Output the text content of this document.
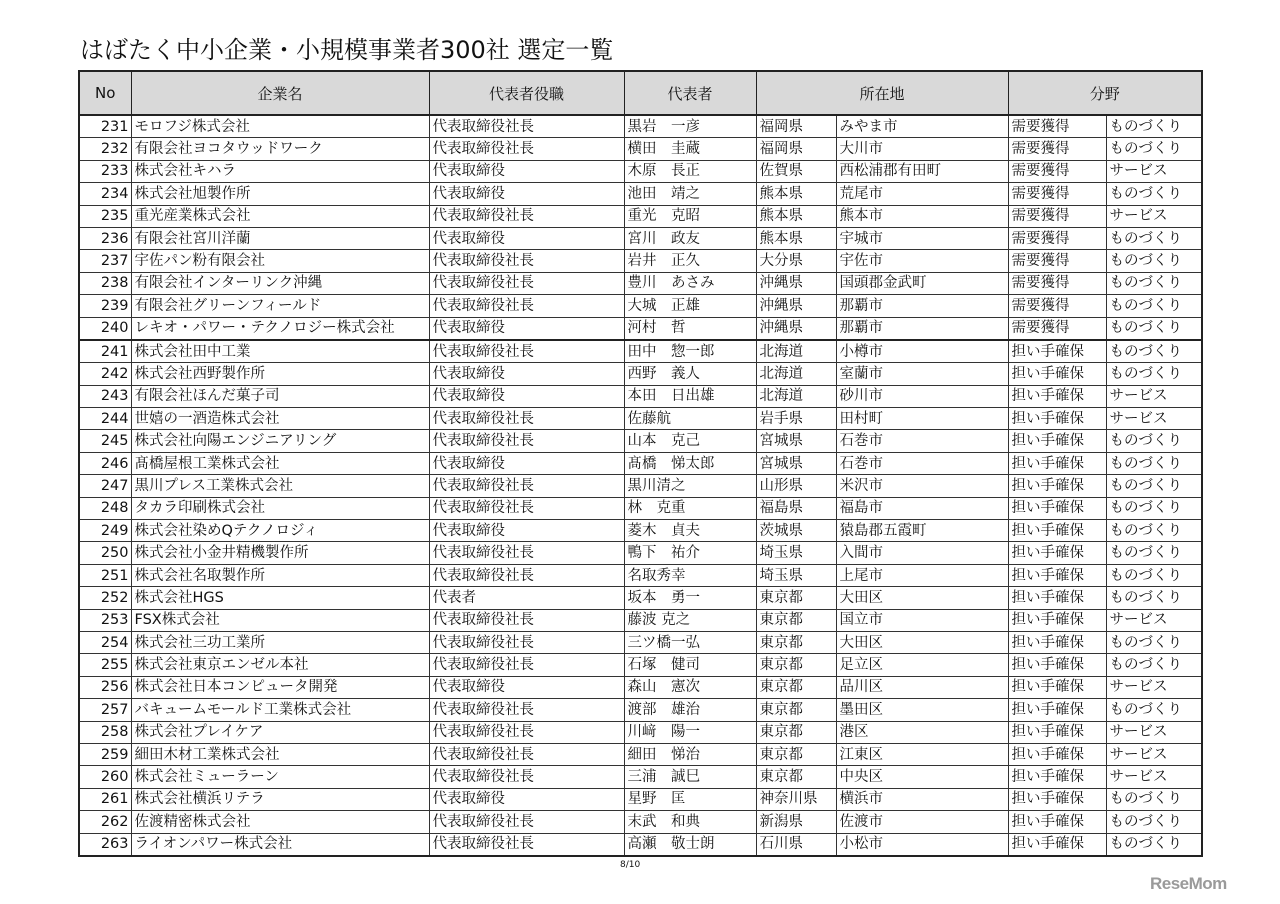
はばたく中小企業・小規模事業者300社 選定一覧
No	企業名	代表者役職	代表者	所在地		分野	
231	モロフジ株式会社	代表取締役社長	黒岩　一彦	福岡県	みやま市	需要獲得	ものづくり
232	有限会社ヨコタウッドワーク	代表取締役社長	横田　圭蔵	福岡県	大川市	需要獲得	ものづくり
233	株式会社キハラ	代表取締役	木原　長正	佐賀県	西松浦郡有田町	需要獲得	サービス
234	株式会社旭製作所	代表取締役	池田　靖之	熊本県	荒尾市	需要獲得	ものづくり
235	重光産業株式会社	代表取締役社長	重光　克昭	熊本県	熊本市	需要獲得	サービス
236	有限会社宮川洋蘭	代表取締役	宮川　政友	熊本県	宇城市	需要獲得	ものづくり
237	宇佐パン粉有限会社	代表取締役社長	岩井　正久	大分県	宇佐市	需要獲得	ものづくり
238	有限会社インターリンク沖縄	代表取締役社長	豊川　あさみ	沖縄県	国頭郡金武町	需要獲得	ものづくり
239	有限会社グリーンフィールド	代表取締役社長	大城　正雄	沖縄県	那覇市	需要獲得	ものづくり
240	レキオ・パワー・テクノロジー株式会社	代表取締役	河村　哲	沖縄県	那覇市	需要獲得	ものづくり
241	株式会社田中工業	代表取締役社長	田中　惣一郎	北海道	小樽市	担い手確保	ものづくり
242	株式会社西野製作所	代表取締役	西野　義人	北海道	室蘭市	担い手確保	ものづくり
243	有限会社ほんだ菓子司	代表取締役	本田　日出雄	北海道	砂川市	担い手確保	サービス
244	世嬉の一酒造株式会社	代表取締役社長	佐藤航	岩手県	田村町	担い手確保	サービス
245	株式会社向陽エンジニアリング	代表取締役社長	山本　克己	宮城県	石巻市	担い手確保	ものづくり
246	髙橋屋根工業株式会社	代表取締役	髙橋　悌太郎	宮城県	石巻市	担い手確保	ものづくり
247	黒川プレス工業株式会社	代表取締役社長	黒川清之	山形県	米沢市	担い手確保	ものづくり
248	タカラ印刷株式会社	代表取締役社長	林　克重	福島県	福島市	担い手確保	ものづくり
249	株式会社染めQテクノロジィ	代表取締役	菱木　貞夫	茨城県	猿島郡五霞町	担い手確保	ものづくり
250	株式会社小金井精機製作所	代表取締役社長	鴨下　祐介	埼玉県	入間市	担い手確保	ものづくり
251	株式会社名取製作所	代表取締役社長	名取秀幸	埼玉県	上尾市	担い手確保	ものづくり
252	株式会社HGS	代表者	坂本　勇一	東京都	大田区	担い手確保	ものづくり
253	FSX株式会社	代表取締役社長	藤波 克之	東京都	国立市	担い手確保	サービス
254	株式会社三功工業所	代表取締役社長	三ツ橋一弘	東京都	大田区	担い手確保	ものづくり
255	株式会社東京エンゼル本社	代表取締役社長	石塚　健司	東京都	足立区	担い手確保	ものづくり
256	株式会社日本コンピュータ開発	代表取締役	森山　憲次	東京都	品川区	担い手確保	サービス
257	バキュームモールド工業株式会社	代表取締役社長	渡部　雄治	東京都	墨田区	担い手確保	ものづくり
258	株式会社プレイケア	代表取締役社長	川﨑　陽一	東京都	港区	担い手確保	サービス
259	細田木材工業株式会社	代表取締役社長	細田　悌治	東京都	江東区	担い手確保	サービス
260	株式会社ミューラーン	代表取締役社長	三浦　誠巳	東京都	中央区	担い手確保	サービス
261	株式会社横浜リテラ	代表取締役	星野　匡	神奈川県	横浜市	担い手確保	ものづくり
262	佐渡精密株式会社	代表取締役社長	末武　和典	新潟県	佐渡市	担い手確保	ものづくり
263	ライオンパワー株式会社	代表取締役社長	高瀬　敬士朗	石川県	小松市	担い手確保	ものづくり
8/10
ReseMom
